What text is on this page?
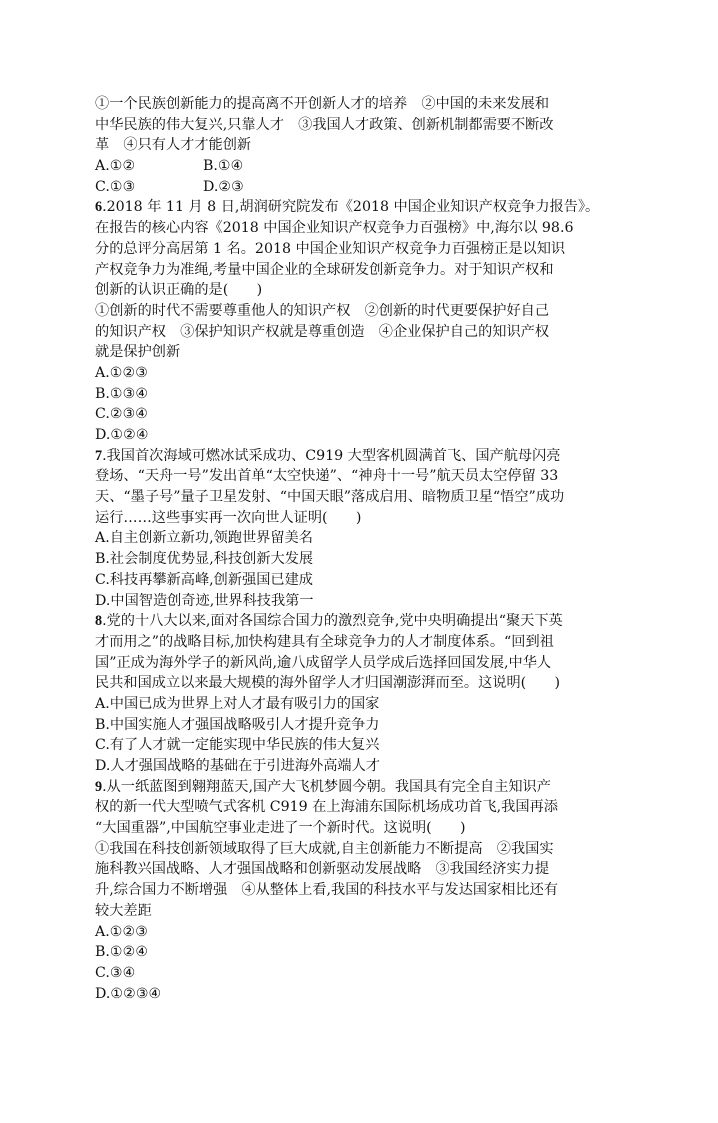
①一个民族创新能力的提高离不开创新人才的培养　②中国的未来发展和
中华民族的伟大复兴,只靠人才　③我国人才政策、创新机制都需要不断改
革　④只有人才才能创新
A.①②	B.①④
C.①③	D.②③
6.2018 年 11 月 8 日,胡润研究院发布《2018 中国企业知识产权竞争力报告》。
在报告的核心内容《2018 中国企业知识产权竞争力百强榜》中,海尔以 98.6
分的总评分高居第 1 名。2018 中国企业知识产权竞争力百强榜正是以知识
产权竞争力为准绳,考量中国企业的全球研发创新竞争力。对于知识产权和
创新的认识正确的是(　　)
①创新的时代不需要尊重他人的知识产权　②创新的时代更要保护好自己
的知识产权　③保护知识产权就是尊重创造　④企业保护自己的知识产权
就是保护创新
A.①②③
B.①③④
C.②③④
D.①②④
7.我国首次海域可燃冰试采成功、C919 大型客机圆满首飞、国产航母闪亮
登场、“天舟一号”发出首单“太空快递”、“神舟十一号”航天员太空停留 33
天、“墨子号”量子卫星发射、“中国天眼”落成启用、暗物质卫星“悟空”成功
运行……这些事实再一次向世人证明(　　)
A.自主创新立新功,领跑世界留美名
B.社会制度优势显,科技创新大发展
C.科技再攀新高峰,创新强国已建成
D.中国智造创奇迹,世界科技我第一
8.党的十八大以来,面对各国综合国力的激烈竞争,党中央明确提出“聚天下英
才而用之”的战略目标,加快构建具有全球竞争力的人才制度体系。“回到祖
国”正成为海外学子的新风尚,逾八成留学人员学成后选择回国发展,中华人
民共和国成立以来最大规模的海外留学人才归国潮澎湃而至。这说明(　　)
A.中国已成为世界上对人才最有吸引力的国家
B.中国实施人才强国战略吸引人才提升竞争力
C.有了人才就一定能实现中华民族的伟大复兴
D.人才强国战略的基础在于引进海外高端人才
9.从一纸蓝图到翱翔蓝天,国产大飞机梦圆今朝。我国具有完全自主知识产
权的新一代大型喷气式客机 C919 在上海浦东国际机场成功首飞,我国再添
“大国重器”,中国航空事业走进了一个新时代。这说明(　　)
①我国在科技创新领域取得了巨大成就,自主创新能力不断提高　②我国实
施科教兴国战略、人才强国战略和创新驱动发展战略　③我国经济实力提
升,综合国力不断增强　④从整体上看,我国的科技水平与发达国家相比还有
较大差距
A.①②③
B.①②④
C.③④
D.①②③④
